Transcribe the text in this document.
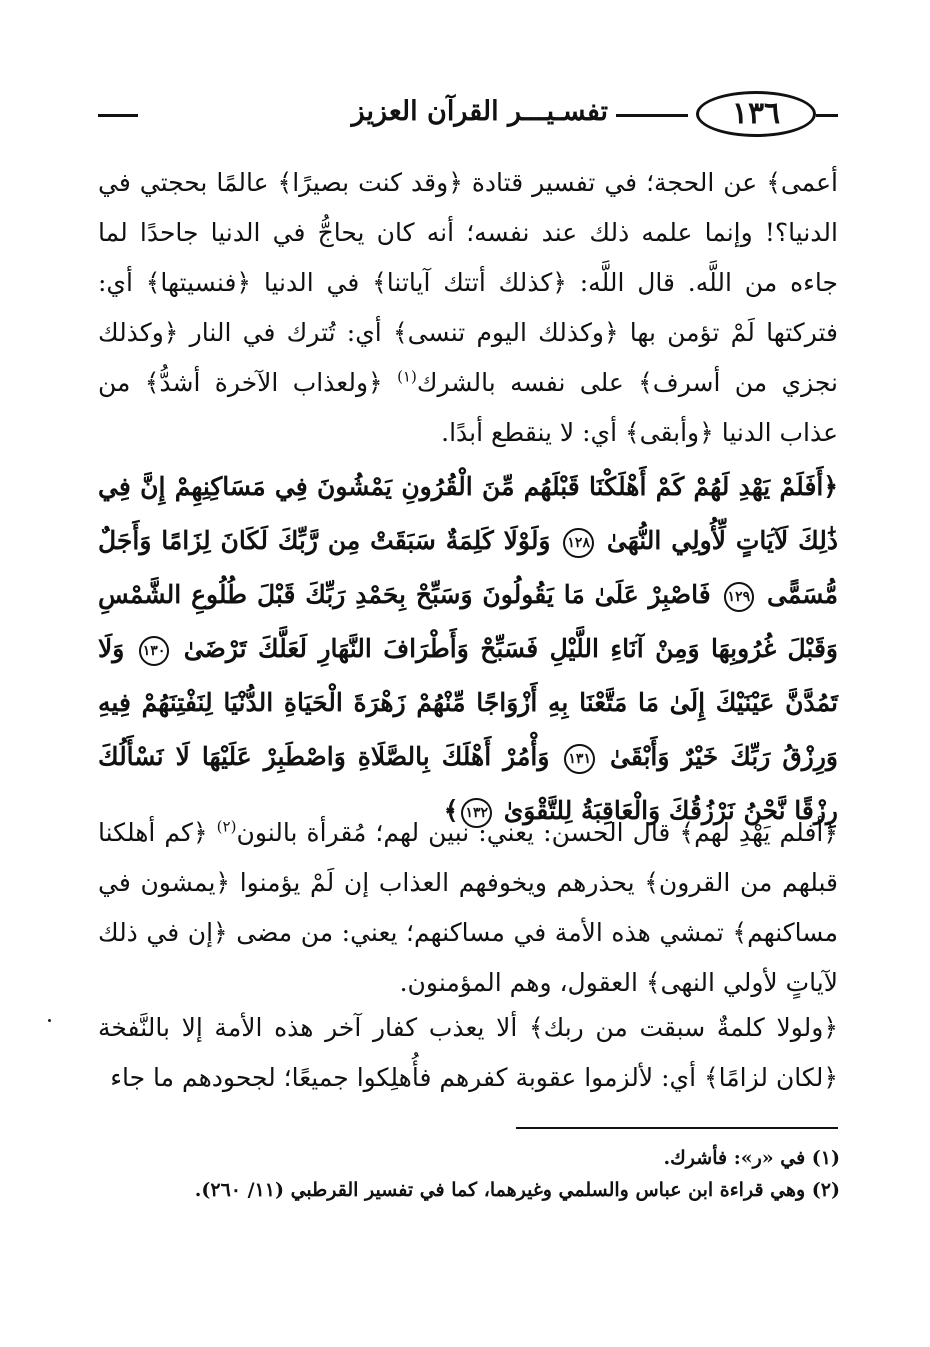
١٣٦
تفسـيـــر القرآن العزيز

أعمى﴾ عن الحجة؛ في تفسير قتادة ﴿وقد كنت بصيرًا﴾ عالمًا بحجتي في الدنيا؟! وإنما علمه ذلك عند نفسه؛ أنه كان يحاجُّ في الدنيا جاحدًا لما جاءه من اللَّه. قال اللَّه: ﴿كذلك أتتك آياتنا﴾ في الدنيا ﴿فنسيتها﴾ أي: فتركتها لَمْ تؤمن بها ﴿وكذلك اليوم تنسى﴾ أي: تُترك في النار ﴿وكذلك نجزي من أسرف﴾ على نفسه بالشرك$^{(١)}$ ﴿ولعذاب الآخرة أشدُّ﴾ من عذاب الدنيا ﴿وأبقى﴾ أي: لا ينقطع أبدًا.

﴿أَفَلَمْ يَهْدِ لَهُمْ كَمْ أَهْلَكْنَا قَبْلَهُم مِّنَ الْقُرُونِ يَمْشُونَ فِي مَسَاكِنِهِمْ إِنَّ فِي ذَٰلِكَ لَآيَاتٍ لِّأُولِي النُّهَىٰ ١٢٨ وَلَوْلَا كَلِمَةٌ سَبَقَتْ مِن رَّبِّكَ لَكَانَ لِزَامًا وَأَجَلٌ مُّسَمًّى ١٢٩ فَاصْبِرْ عَلَىٰ مَا يَقُولُونَ وَسَبِّحْ بِحَمْدِ رَبِّكَ قَبْلَ طُلُوعِ الشَّمْسِ وَقَبْلَ غُرُوبِهَا وَمِنْ آنَاءِ اللَّيْلِ فَسَبِّحْ وَأَطْرَافَ النَّهَارِ لَعَلَّكَ تَرْضَىٰ ١٣٠ وَلَا تَمُدَّنَّ عَيْنَيْكَ إِلَىٰ مَا مَتَّعْنَا بِهِ أَزْوَاجًا مِّنْهُمْ زَهْرَةَ الْحَيَاةِ الدُّنْيَا لِنَفْتِنَهُمْ فِيهِ وَرِزْقُ رَبِّكَ خَيْرٌ وَأَبْقَىٰ ١٣١ وَأْمُرْ أَهْلَكَ بِالصَّلَاةِ وَاصْطَبِرْ عَلَيْهَا لَا نَسْأَلُكَ رِزْقًا نَّحْنُ نَرْزُقُكَ وَالْعَاقِبَةُ لِلتَّقْوَىٰ ١٣٢﴾

﴿أفلم يَهْدِ لهم﴾ قال الحسن: يعني: نبين لهم؛ مُقرأة بالنون$^{(٢)}$ ﴿كم أهلكنا قبلهم من القرون﴾ يحذرهم ويخوفهم العذاب إن لَمْ يؤمنوا ﴿يمشون في مساكنهم﴾ تمشي هذه الأمة في مساكنهم؛ يعني: من مضى ﴿إن في ذلك لآياتٍ لأولي النهى﴾ العقول، وهم المؤمنون.

﴿ولولا كلمةٌ سبقت من ربك﴾ ألا يعذب كفار آخر هذه الأمة إلا بالنَّفخة ﴿لكان لزامًا﴾ أي: لألزموا عقوبة كفرهم فأُهلِكوا جميعًا؛ لجحودهم ما جاء

(١) في «ر»: فأشرك.

(٢) وهي قراءة ابن عباس والسلمي وغيرهما، كما في تفسير القرطبي (١١/ ٢٦٠).
